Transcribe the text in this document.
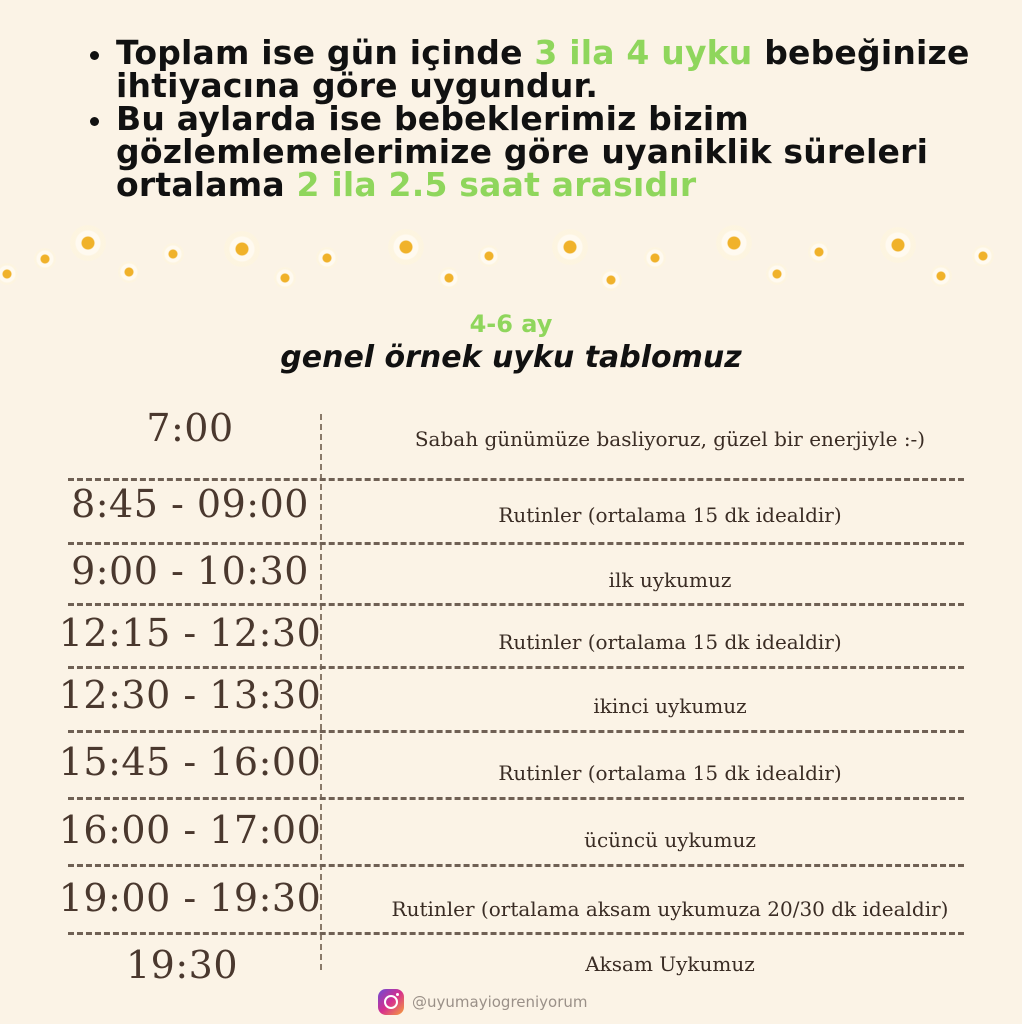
Toplam ise gün içinde 3 ila 4 uyku bebeğinize ihtiyacına göre uygundur.
Bu aylarda ise bebeklerimiz bizim gözlemlemelerimize göre uyaniklik süreleri ortalama 2 ila 2.5 saat arasıdır
4-6 ay
genel örnek uyku tablomuz
7:00	Sabah günümüze basliyoruz, güzel bir enerjiyle :-)
8:45 - 09:00	Rutinler (ortalama 15 dk idealdir)
9:00 - 10:30	ilk uykumuz
12:15 - 12:30	Rutinler (ortalama 15 dk idealdir)
12:30 - 13:30	ikinci uykumuz
15:45 - 16:00	Rutinler (ortalama 15 dk idealdir)
16:00 - 17:00	ücüncü uykumuz
19:00 - 19:30	Rutinler (ortalama aksam uykumuza 20/30 dk idealdir)
19:30	Aksam Uykumuz
@uyumayiogreniyorum
